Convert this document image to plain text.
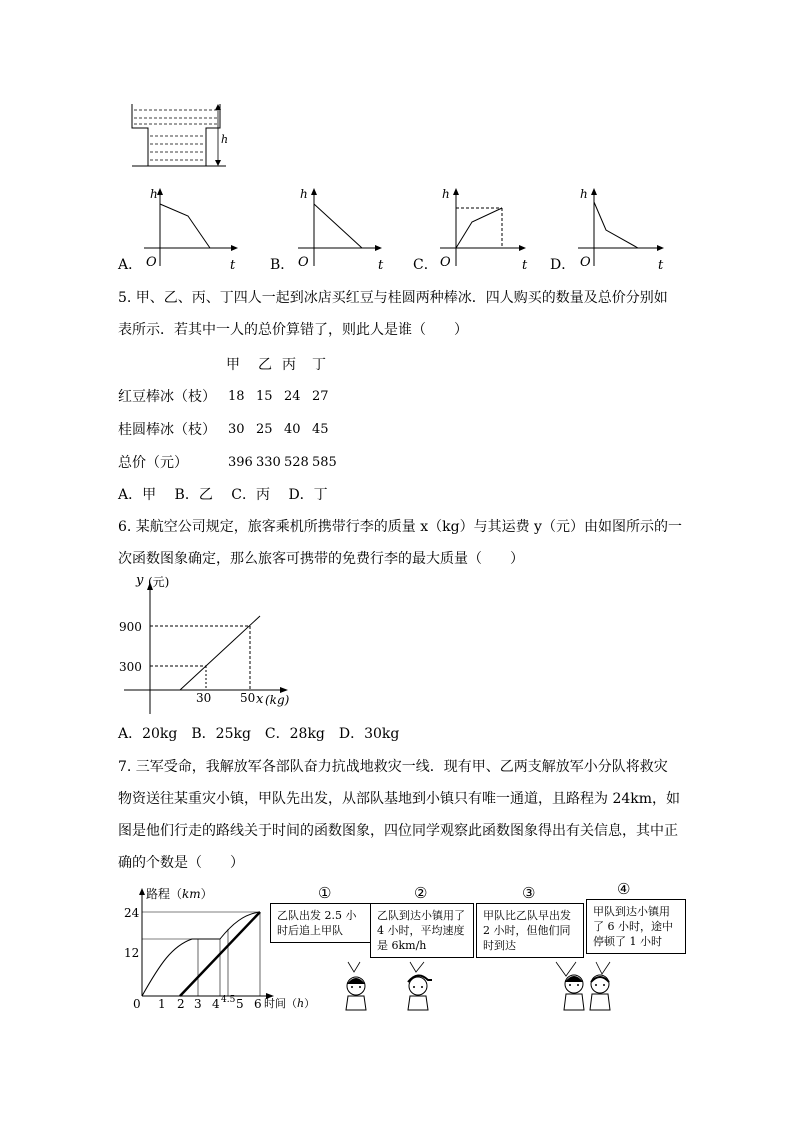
h
h
A． O	t
h
B． O	t
h
C． O	t
h
D． O	t
5. 甲、乙、丙、丁四人一起到冰店买红豆与桂圆两种棒冰．四人购买的数量及总价分别如
表所示．若其中一人的总价算错了，则此人是谁（　　）
甲 乙 丙 丁
红豆棒冰（枝） 18 15 24 27
桂圆棒冰（枝） 30 25 40 45
总价（元）	396 330 528 585
A．甲　 B．乙　 C．丙　 D．丁
6. 某航空公司规定，旅客乘机所携带行李的质量 x（kg）与其运费 y（元）由如图所示的一
次函数图象确定，那么旅客可携带的免费行李的最大质量（　　）
y (元)
900
300
30 50 x (kg)
A．20kg　B．25kg　C．28kg　D．30kg
7. 三军受命，我解放军各部队奋力抗战地救灾一线．现有甲、乙两支解放军小分队将救灾
物资送往某重灾小镇，甲队先出发，从部队基地到小镇只有唯一通道，且路程为 24km，如
图是他们行走的路线关于时间的函数图象，四位同学观察此函数图象得出有关信息，其中正
确的个数是（　　）
路程（km）
24
12
0 1 2 3 4 4.5 5 6 时间（h）
①
乙队出发 2.5 小时后追上甲队
②
乙队到达小镇用了 4 小时，平均速度是 6km/h
③
甲队比乙队早出发 2 小时，但他们同时到达
④
甲队到达小镇用了 6 小时，途中停顿了 1 小时
